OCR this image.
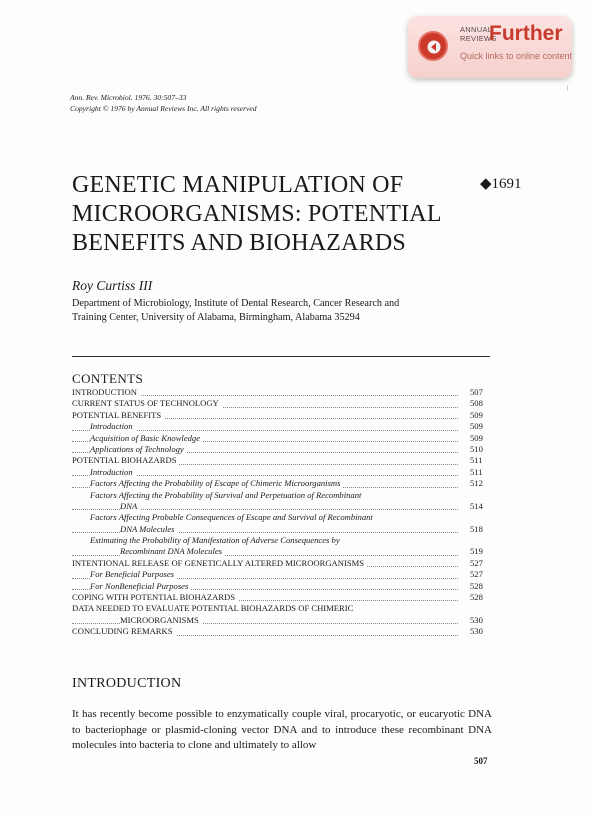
ANNUAL
REVIEWS
Further
Quick links to online content
Ann. Rev. Microbiol. 1976. 30:507–33
Copyright © 1976 by Annual Reviews Inc. All rights reserved
GENETIC MANIPULATION OF
MICROORGANISMS: POTENTIAL
BENEFITS AND BIOHAZARDS
◆1691
Roy Curtiss III
Department of Microbiology, Institute of Dental Research, Cancer Research and
Training Center, University of Alabama, Birmingham, Alabama 35294
CONTENTS
INTRODUCTION	507
CURRENT STATUS OF TECHNOLOGY	508
POTENTIAL BENEFITS	509
Introduction	509
Acquisition of Basic Knowledge	509
Applications of Technology	510
POTENTIAL BIOHAZARDS	511
Introduction	511
Factors Affecting the Probability of Escape of Chimeric Microorganisms	512
Factors Affecting the Probability of Survival and Perpetuation of Recombinant
DNA	514
Factors Affecting Probable Consequences of Escape and Survival of Recombinant
DNA Molecules	518
Estimating the Probability of Manifestation of Adverse Consequences by
Recombinant DNA Molecules	519
INTENTIONAL RELEASE OF GENETICALLY ALTERED MICROORGANISMS	527
For Beneficial Purposes	527
For NonBeneficial Purposes	528
COPING WITH POTENTIAL BIOHAZARDS	528
DATA NEEDED TO EVALUATE POTENTIAL BIOHAZARDS OF CHIMERIC
MICROORGANISMS	530
CONCLUDING REMARKS	530
INTRODUCTION
It has recently become possible to enzymatically couple viral, procaryotic, or eucaryotic DNA to bacteriophage or plasmid-cloning vector DNA and to introduce these recombinant DNA molecules into bacteria to clone and ultimately to allow
507
